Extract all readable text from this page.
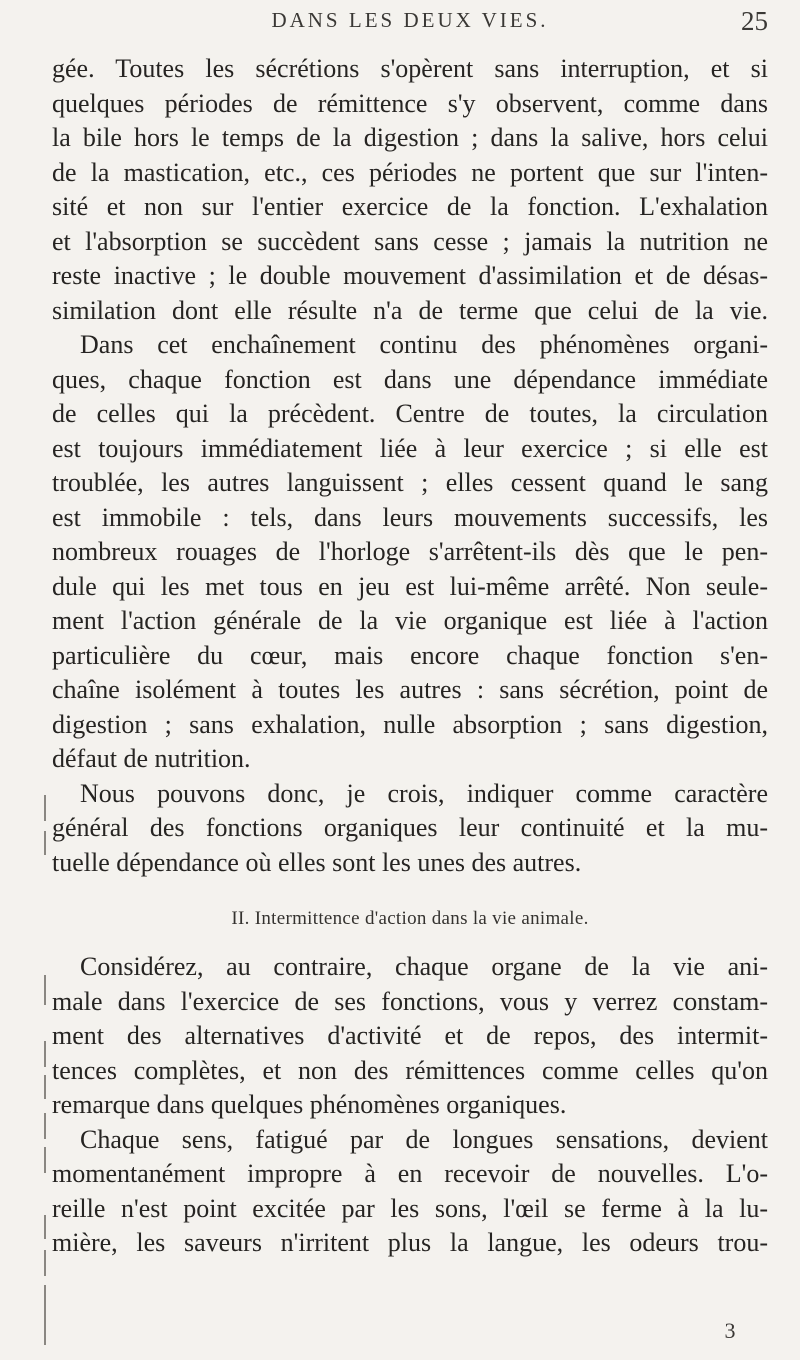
DANS LES DEUX VIES.	25
gée. Toutes les sécrétions s'opèrent sans interruption, et si
quelques périodes de rémittence s'y observent, comme dans
la bile hors le temps de la digestion ; dans la salive, hors celui
de la mastication, etc., ces périodes ne portent que sur l'inten-
sité et non sur l'entier exercice de la fonction. L'exhalation
et l'absorption se succèdent sans cesse ; jamais la nutrition ne
reste inactive ; le double mouvement d'assimilation et de désas-
similation dont elle résulte n'a de terme que celui de la vie.
Dans cet enchaînement continu des phénomènes organi-
ques, chaque fonction est dans une dépendance immédiate
de celles qui la précèdent. Centre de toutes, la circulation
est toujours immédiatement liée à leur exercice ; si elle est
troublée, les autres languissent ; elles cessent quand le sang
est immobile : tels, dans leurs mouvements successifs, les
nombreux rouages de l'horloge s'arrêtent-ils dès que le pen-
dule qui les met tous en jeu est lui-même arrêté. Non seule-
ment l'action générale de la vie organique est liée à l'action
particulière du cœur, mais encore chaque fonction s'en-
chaîne isolément à toutes les autres : sans sécrétion, point de
digestion ; sans exhalation, nulle absorption ; sans digestion,
défaut de nutrition.
Nous pouvons donc, je crois, indiquer comme caractère
général des fonctions organiques leur continuité et la mu-
tuelle dépendance où elles sont les unes des autres.
II. Intermittence d'action dans la vie animale.
Considérez, au contraire, chaque organe de la vie ani-
male dans l'exercice de ses fonctions, vous y verrez constam-
ment des alternatives d'activité et de repos, des intermit-
tences complètes, et non des rémittences comme celles qu'on
remarque dans quelques phénomènes organiques.
Chaque sens, fatigué par de longues sensations, devient
momentanément impropre à en recevoir de nouvelles. L'o-
reille n'est point excitée par les sons, l'œil se ferme à la lu-
mière, les saveurs n'irritent plus la langue, les odeurs trou-
3
